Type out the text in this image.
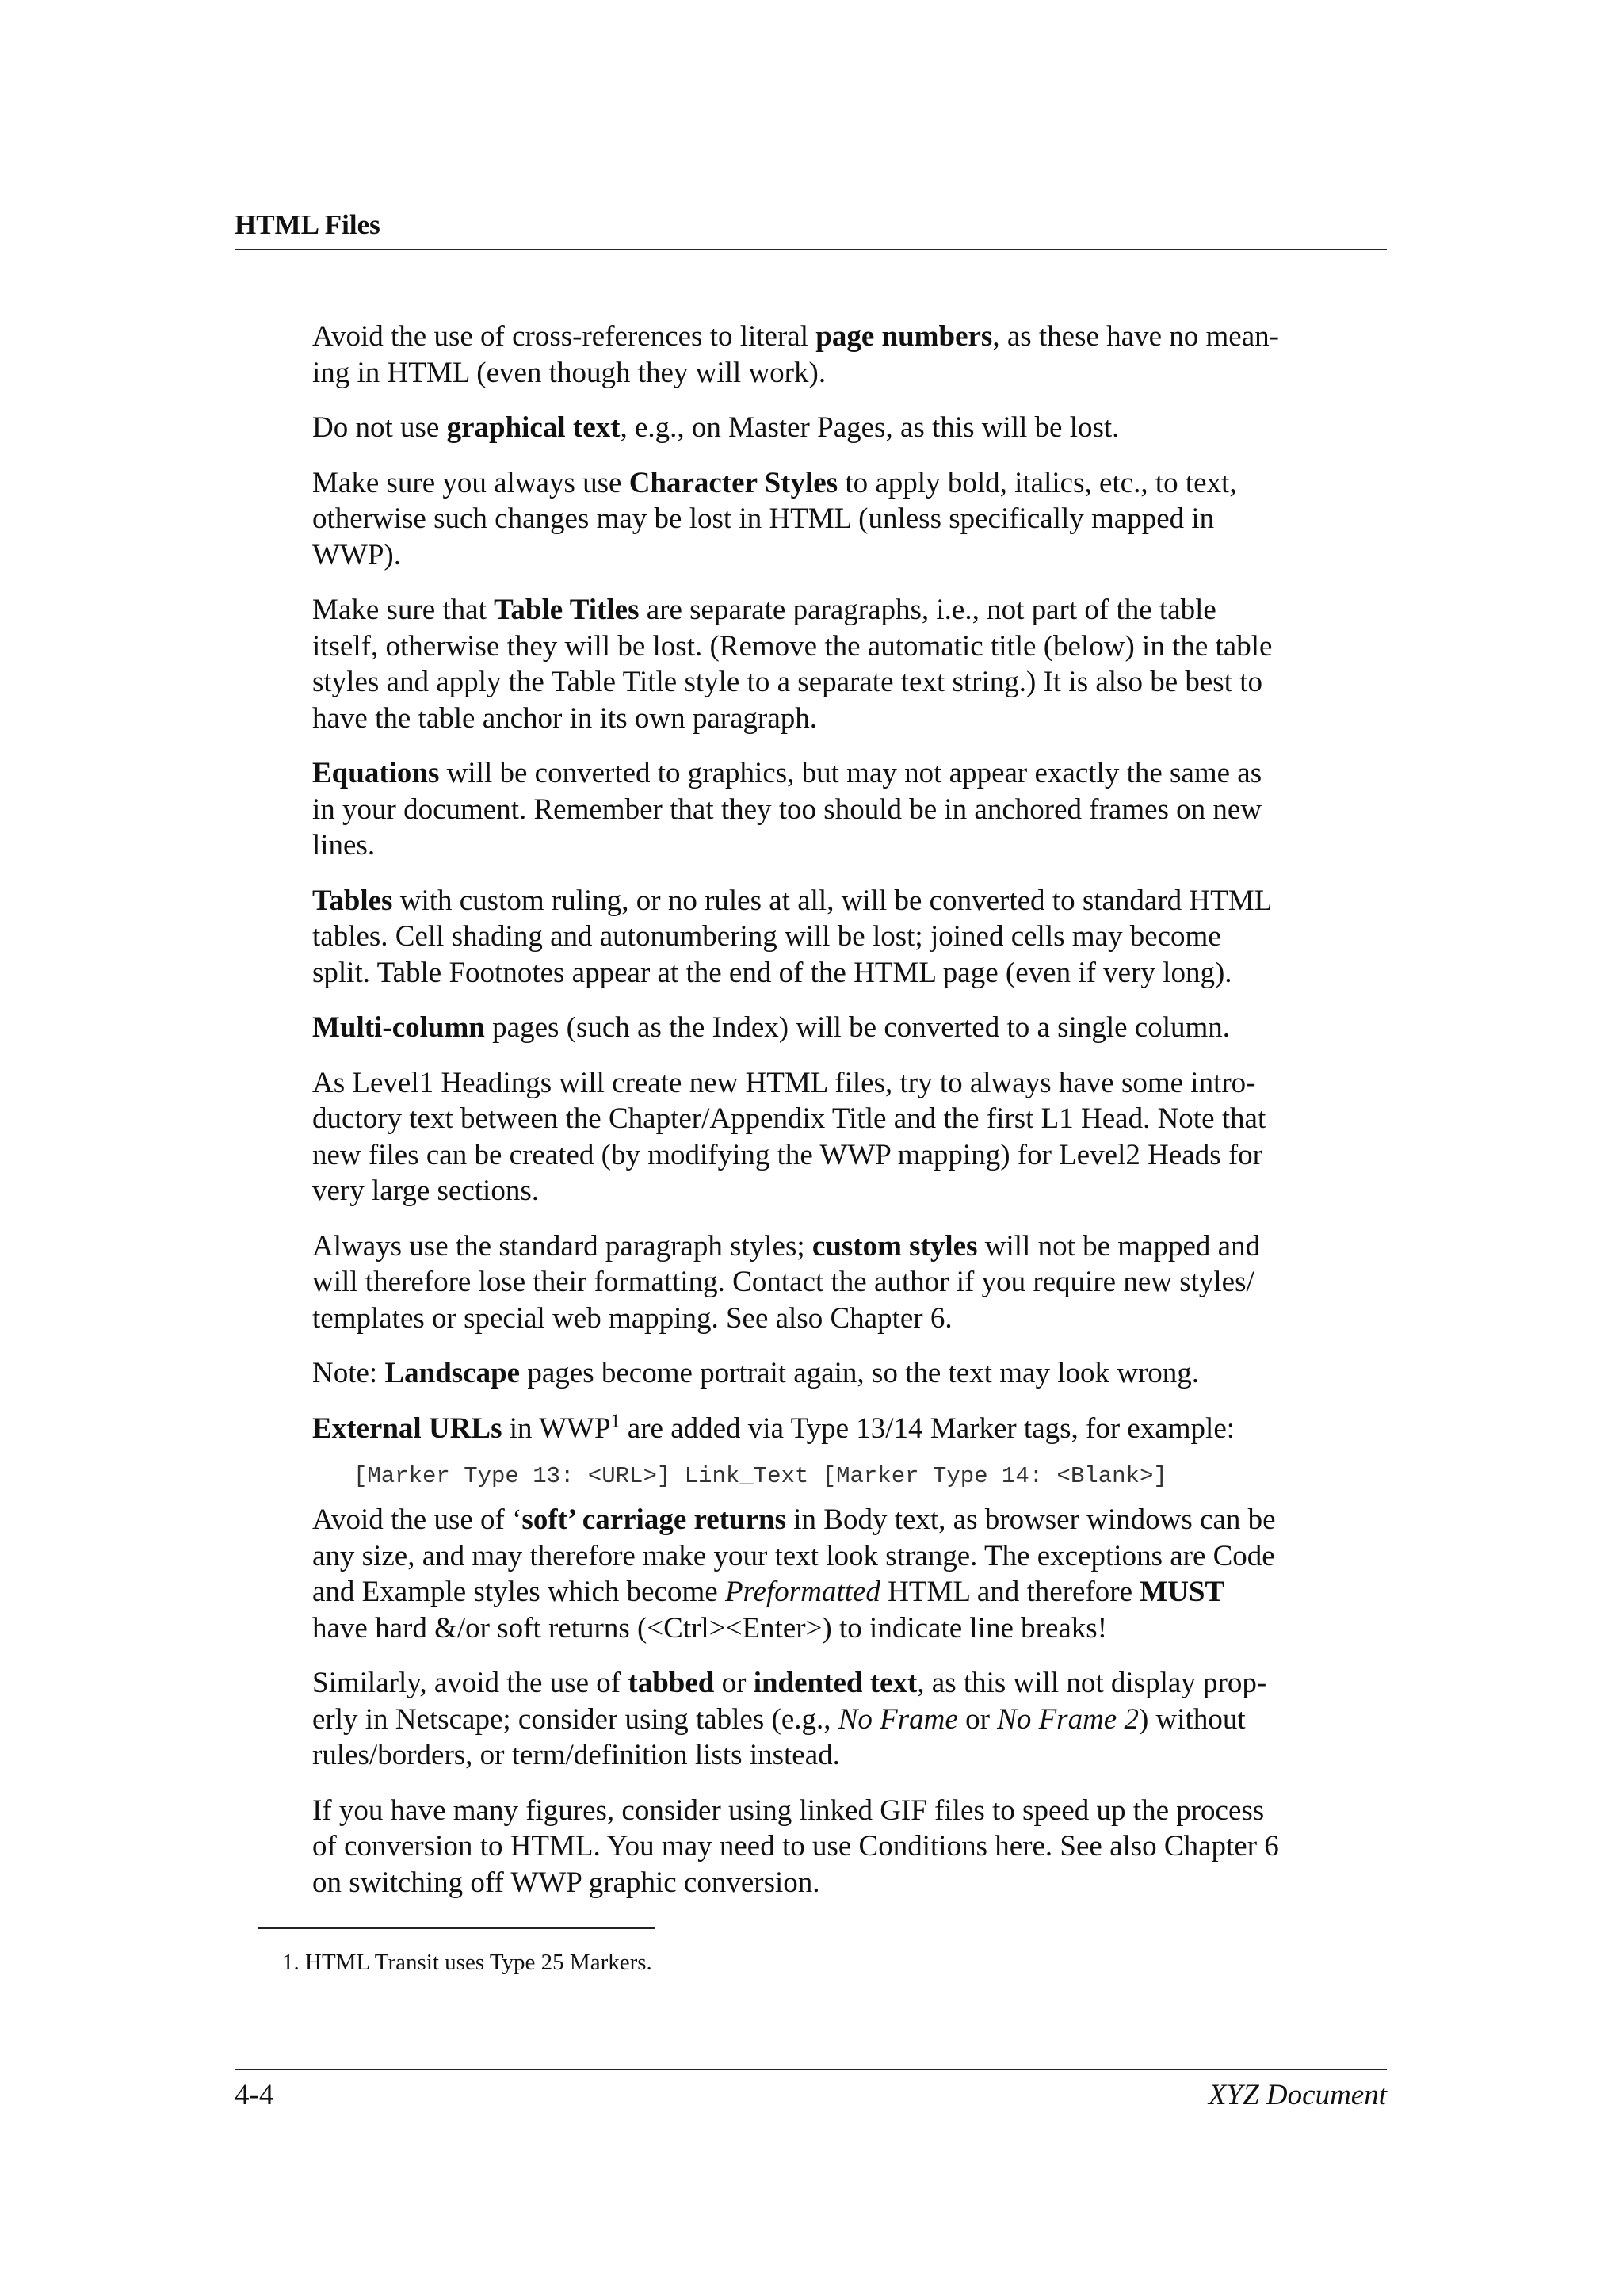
HTML Files

Avoid the use of cross-references to literal page numbers, as these have no mean-
ing in HTML (even though they will work).

Do not use graphical text, e.g., on Master Pages, as this will be lost.

Make sure you always use Character Styles to apply bold, italics, etc., to text,
otherwise such changes may be lost in HTML (unless specifically mapped in
WWP).

Make sure that Table Titles are separate paragraphs, i.e., not part of the table
itself, otherwise they will be lost. (Remove the automatic title (below) in the table
styles and apply the Table Title style to a separate text string.) It is also be best to
have the table anchor in its own paragraph.

Equations will be converted to graphics, but may not appear exactly the same as
in your document. Remember that they too should be in anchored frames on new
lines.

Tables with custom ruling, or no rules at all, will be converted to standard HTML
tables. Cell shading and autonumbering will be lost; joined cells may become
split. Table Footnotes appear at the end of the HTML page (even if very long).

Multi-column pages (such as the Index) will be converted to a single column.

As Level1 Headings will create new HTML files, try to always have some intro-
ductory text between the Chapter/Appendix Title and the first L1 Head. Note that
new files can be created (by modifying the WWP mapping) for Level2 Heads for
very large sections.

Always use the standard paragraph styles; custom styles will not be mapped and
will therefore lose their formatting. Contact the author if you require new styles/
templates or special web mapping. See also Chapter 6.

Note: Landscape pages become portrait again, so the text may look wrong.

External URLs in WWP$^1$ are added via Type 13/14 Marker tags, for example:

[Marker Type 13: <URL>] Link_Text [Marker Type 14: <Blank>]

Avoid the use of ‘soft’ carriage returns in Body text, as browser windows can be
any size, and may therefore make your text look strange. The exceptions are Code
and Example styles which become Preformatted HTML and therefore MUST
have hard &/or soft returns (<Ctrl><Enter>) to indicate line breaks!

Similarly, avoid the use of tabbed or indented text, as this will not display prop-
erly in Netscape; consider using tables (e.g., No Frame or No Frame 2) without
rules/borders, or term/definition lists instead.

If you have many figures, consider using linked GIF files to speed up the process
of conversion to HTML. You may need to use Conditions here. See also Chapter 6
on switching off WWP graphic conversion.

1. HTML Transit uses Type 25 Markers.
4-4	XYZ Document
